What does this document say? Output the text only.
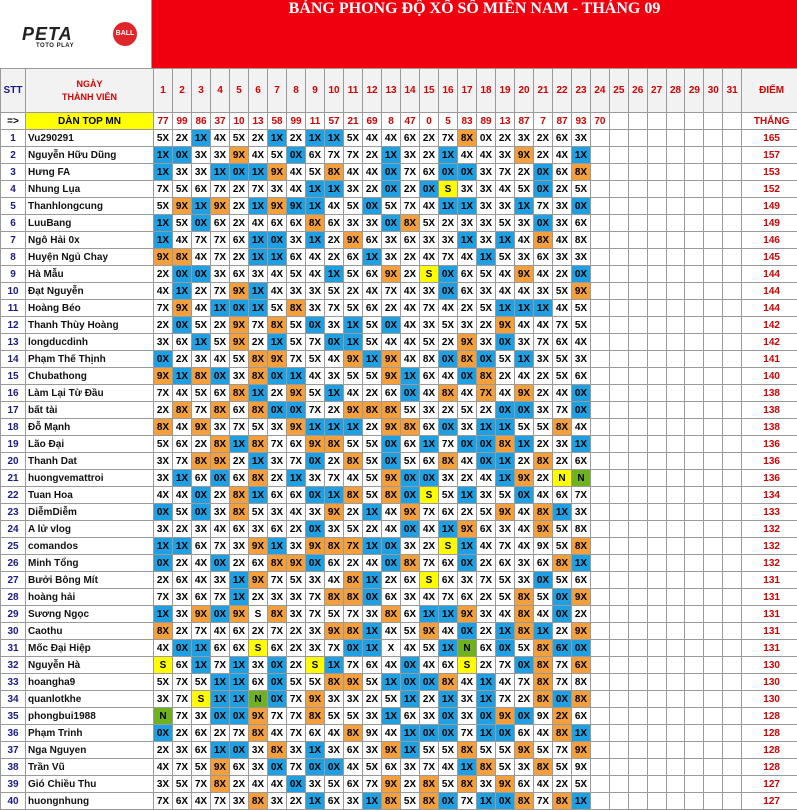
PETA	BALL
TOTO PLAY
BẢNG PHONG ĐỘ XỔ SỐ MIỀN NAM - THÁNG 09
STT	NGÀY
THÀNH VIÊN	1	2	3	4	5	6	7	8	9	10	11	12	13	14	15	16	17	18	19	20	21	22	23	24	25	26	27	28	29	30	31	ĐIỂM
=>	DÀN TOP MN	77	99	86	37	10	13	58	99	11	57	21	69	8	47	0	5	83	89	13	87	7	87	93	70								THẮNG
1	Vu290291	5X	2X	1X	4X	5X	2X	1X	2X	1X	1X	5X	4X	4X	6X	2X	7X	8X	0X	2X	3X	2X	6X	3X									165
2	Nguyễn Hữu Dũng	1X	0X	3X	3X	9X	4X	5X	0X	6X	7X	7X	2X	1X	3X	2X	1X	4X	4X	3X	9X	2X	4X	1X									157
3	Hưng FA	1X	3X	3X	1X	0X	1X	9X	4X	5X	8X	4X	4X	0X	7X	6X	0X	0X	3X	7X	2X	0X	6X	8X									153
4	Nhung Lụa	7X	5X	6X	7X	2X	7X	3X	4X	1X	1X	3X	2X	0X	2X	0X	S	3X	3X	4X	5X	0X	2X	5X									152
5	Thanhlongcung	5X	9X	1X	9X	2X	1X	9X	9X	1X	4X	5X	0X	5X	7X	4X	1X	1X	3X	3X	1X	7X	3X	0X									149
6	LuuBang	1X	5X	0X	6X	2X	4X	6X	6X	8X	6X	3X	3X	0X	8X	5X	2X	3X	3X	5X	3X	0X	3X	6X									149
7	Ngô Hải 0x	1X	4X	7X	7X	6X	1X	0X	3X	1X	2X	9X	6X	3X	6X	3X	3X	1X	3X	1X	4X	8X	4X	8X									146
8	Huyện Ngủ Chay	9X	8X	4X	7X	2X	1X	1X	6X	4X	2X	6X	1X	3X	2X	4X	7X	4X	1X	5X	3X	6X	3X	3X									145
9	Hà Mẫu	2X	0X	0X	3X	6X	3X	4X	5X	4X	1X	5X	6X	9X	2X	S	0X	6X	5X	4X	9X	4X	2X	0X									144
10	Đạt Nguyễn	4X	1X	2X	7X	9X	1X	4X	3X	3X	5X	2X	4X	7X	4X	3X	0X	6X	3X	4X	4X	3X	5X	9X									144
11	Hoàng Béo	7X	9X	4X	1X	0X	1X	5X	8X	3X	7X	5X	6X	2X	4X	7X	4X	2X	5X	1X	1X	1X	4X	5X									144
12	Thanh Thùy Hoàng	2X	0X	5X	2X	9X	7X	8X	5X	0X	3X	1X	5X	0X	4X	3X	5X	3X	2X	9X	4X	4X	7X	5X									142
13	longducdinh	3X	6X	1X	5X	9X	2X	1X	5X	7X	0X	1X	5X	4X	4X	5X	2X	9X	3X	0X	3X	7X	6X	4X									142
14	Phạm Thế Thịnh	0X	2X	3X	4X	5X	8X	9X	7X	5X	4X	9X	1X	9X	4X	8X	0X	8X	0X	5X	1X	3X	5X	3X									141
15	Chubathong	9X	1X	8X	0X	3X	8X	0X	1X	4X	3X	5X	5X	9X	1X	6X	4X	0X	8X	2X	4X	2X	5X	6X									140
16	Làm Lại Từ Đầu	7X	4X	5X	6X	8X	1X	2X	9X	5X	1X	4X	2X	6X	0X	4X	8X	4X	7X	4X	9X	2X	4X	0X									138
17	bất tài	2X	8X	7X	8X	6X	8X	0X	0X	7X	2X	9X	8X	8X	5X	3X	2X	5X	2X	0X	0X	3X	7X	0X									138
18	Đỗ Mạnh	8X	4X	9X	3X	7X	5X	3X	9X	1X	1X	1X	2X	9X	8X	6X	0X	3X	1X	1X	5X	5X	8X	4X									138
19	Lão Đại	5X	6X	2X	8X	1X	8X	7X	6X	9X	8X	5X	5X	0X	6X	1X	7X	0X	0X	8X	1X	2X	3X	1X									136
20	Thanh Dat	3X	7X	8X	9X	2X	1X	3X	7X	0X	2X	8X	5X	0X	5X	6X	8X	4X	0X	1X	2X	8X	2X	6X									136
21	huongvemattroi	3X	1X	6X	0X	6X	8X	2X	1X	3X	7X	4X	5X	9X	0X	0X	3X	2X	4X	1X	9X	2X	N	N									136
22	Tuan Hoa	4X	4X	0X	2X	8X	1X	6X	6X	0X	1X	8X	5X	8X	0X	S	5X	1X	3X	5X	0X	4X	6X	7X									134
23	DiễmDiễm	0X	5X	0X	3X	8X	5X	3X	4X	3X	9X	2X	1X	4X	9X	7X	6X	2X	5X	9X	4X	8X	1X	3X									133
24	A lử vlog	3X	2X	3X	4X	6X	3X	6X	2X	0X	3X	5X	2X	4X	0X	4X	1X	9X	6X	3X	4X	9X	5X	8X									132
25	comandos	1X	1X	6X	7X	3X	9X	1X	3X	9X	8X	7X	1X	0X	3X	2X	S	1X	4X	7X	4X	9X	5X	8X									132
26	Minh Tổng	0X	2X	4X	0X	2X	6X	8X	9X	0X	6X	2X	4X	0X	8X	7X	6X	0X	2X	6X	3X	6X	8X	1X									132
27	Bưởi Bông Mít	2X	6X	4X	3X	1X	9X	7X	5X	3X	4X	8X	1X	2X	6X	S	6X	3X	7X	5X	3X	0X	5X	6X									131
28	hoàng hải	7X	3X	6X	7X	1X	2X	3X	3X	7X	8X	8X	0X	6X	3X	4X	7X	6X	2X	5X	8X	5X	0X	9X									131
29	Sương Ngọc	1X	3X	9X	0X	9X	S	8X	3X	7X	5X	7X	3X	8X	6X	1X	1X	9X	3X	4X	8X	4X	0X	2X									131
30	Caothu	8X	2X	7X	4X	6X	2X	7X	2X	3X	9X	8X	1X	4X	5X	9X	4X	0X	2X	1X	8X	1X	2X	9X									131
31	Mốc Đại Hiệp	4X	0X	1X	6X	6X	S	6X	2X	3X	7X	0X	1X	X	4X	5X	1X	N	6X	0X	5X	8X	6X	0X									131
32	Nguyễn Hà	S	6X	1X	7X	1X	3X	0X	2X	S	1X	7X	6X	4X	0X	4X	6X	S	2X	7X	0X	8X	7X	6X									130
33	hoangha9	5X	7X	5X	1X	1X	6X	0X	5X	5X	8X	9X	5X	1X	0X	0X	8X	4X	1X	4X	7X	8X	7X	8X									130
34	quanlotkhe	3X	7X	S	1X	1X	N	0X	7X	9X	3X	3X	2X	5X	1X	2X	1X	3X	1X	7X	2X	8X	0X	8X									130
35	phongbui1988	N	7X	3X	0X	0X	9X	7X	7X	8X	5X	5X	3X	1X	6X	3X	0X	3X	0X	9X	0X	9X	2X	6X									128
36	Phạm Trinh	0X	2X	6X	2X	7X	8X	4X	7X	6X	4X	8X	9X	4X	1X	0X	0X	7X	1X	0X	6X	4X	8X	1X									128
37	Nga Nguyen	2X	3X	6X	1X	0X	3X	8X	3X	1X	3X	6X	3X	9X	1X	5X	5X	8X	5X	5X	9X	5X	7X	9X									128
38	Trần Vũ	4X	7X	5X	9X	6X	3X	0X	7X	0X	0X	4X	5X	6X	3X	7X	4X	1X	8X	5X	3X	8X	5X	9X									128
39	Gió Chiều Thu	3X	5X	7X	8X	2X	4X	4X	0X	3X	5X	6X	7X	9X	2X	8X	5X	8X	3X	9X	6X	4X	2X	5X									127
40	huongnhung	7X	6X	4X	7X	3X	8X	3X	2X	1X	6X	3X	1X	8X	5X	8X	0X	7X	1X	0X	8X	7X	8X	1X									127
